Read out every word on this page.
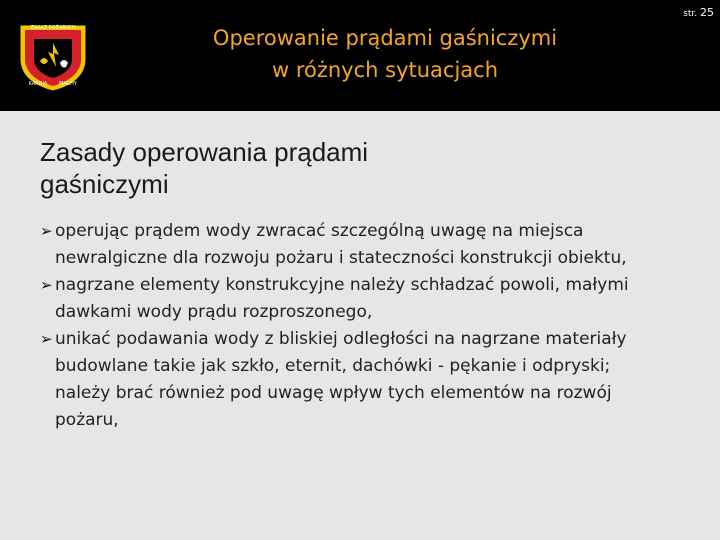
ZWIĄZ POŻARYCH
KARNIA MACHY
Operowanie prądami gaśniczymi
w różnych sytuacjach
str. 25
Zasady operowania prądami
gaśniczymi
➢ operując prądem wody zwracać szczególną uwagę na miejsca newralgiczne dla rozwoju pożaru i stateczności konstrukcji obiektu,
➢ nagrzane elementy konstrukcyjne należy schładzać powoli, małymi dawkami wody prądu rozproszonego,
➢ unikać podawania wody z bliskiej odległości na nagrzane materiały budowlane takie jak szkło, eternit, dachówki - pękanie i odpryski; należy brać również pod uwagę wpływ tych elementów na rozwój pożaru,
